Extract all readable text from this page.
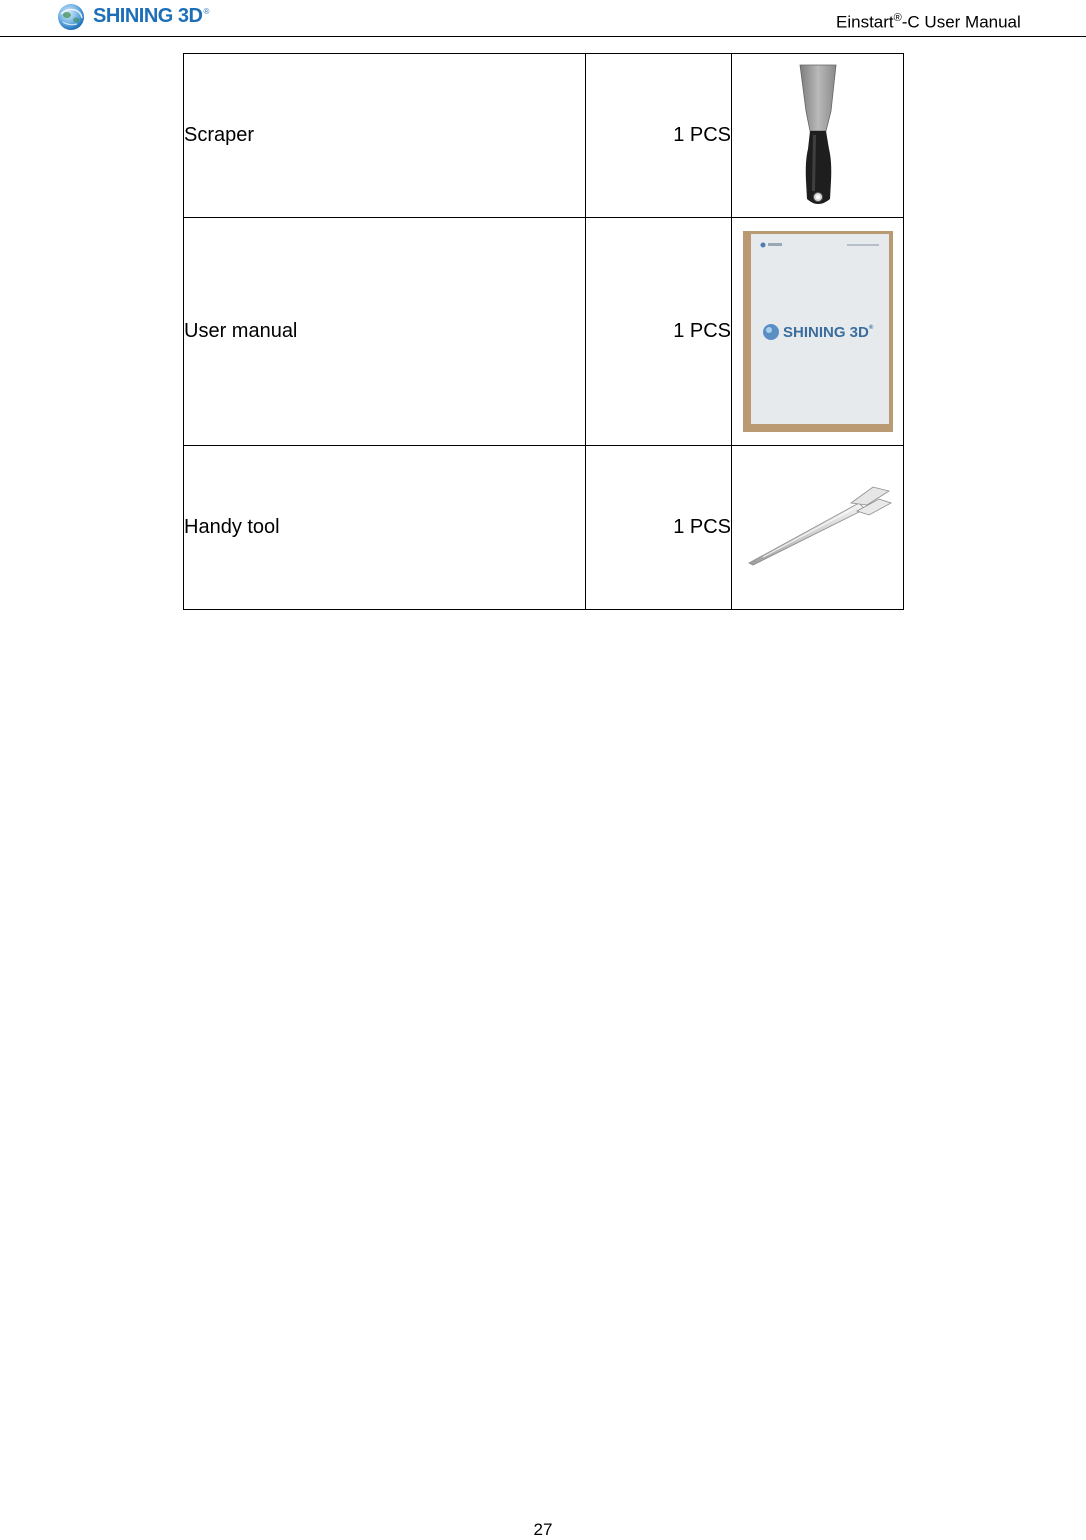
SHINING 3D®
Einstart®-C User Manual
Scraper	1 PCS	

User manual	1 PCS	SHINING 3D®

Handy tool	1 PCS	
27
